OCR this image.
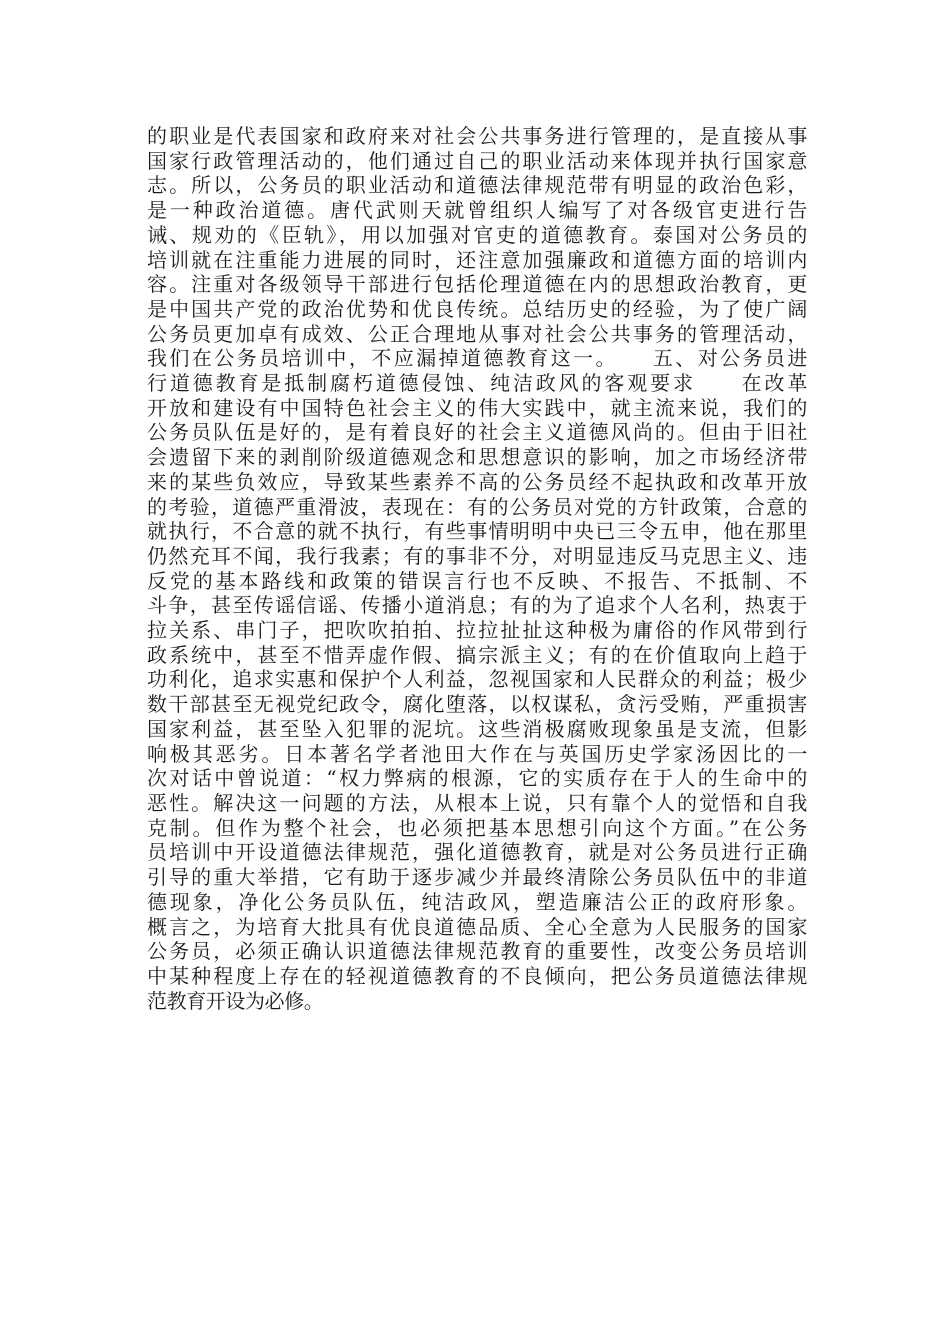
的职业是代表国家和政府来对社会公共事务进行管理的，是直接从事
国家行政管理活动的，他们通过自己的职业活动来体现并执行国家意
志。所以，公务员的职业活动和道德法律规范带有明显的政治色彩，
是一种政治道德。唐代武则天就曾组织人编写了对各级官吏进行告
诫、规劝的《臣轨》，用以加强对官吏的道德教育。泰国对公务员的
培训就在注重能力进展的同时，还注意加强廉政和道德方面的培训内
容。注重对各级领导干部进行包括伦理道德在内的思想政治教育，更
是中国共产党的政治优势和优良传统。总结历史的经验，为了使广阔
公务员更加卓有成效、公正合理地从事对社会公共事务的管理活动，
我们在公务员培训中，不应漏掉道德教育这一。　　五、对公务员进
行道德教育是抵制腐朽道德侵蚀、纯洁政风的客观要求　　在改革
开放和建设有中国特色社会主义的伟大实践中，就主流来说，我们的
公务员队伍是好的，是有着良好的社会主义道德风尚的。但由于旧社
会遗留下来的剥削阶级道德观念和思想意识的影响，加之市场经济带
来的某些负效应，导致某些素养不高的公务员经不起执政和改革开放
的考验，道德严重滑波，表现在：有的公务员对党的方针政策，合意的
就执行，不合意的就不执行，有些事情明明中央已三令五申，他在那里
仍然充耳不闻，我行我素；有的事非不分，对明显违反马克思主义、违
反党的基本路线和政策的错误言行也不反映、不报告、不抵制、不
斗争，甚至传谣信谣、传播小道消息；有的为了追求个人名利，热衷于
拉关系、串门子，把吹吹拍拍、拉拉扯扯这种极为庸俗的作风带到行
政系统中，甚至不惜弄虚作假、搞宗派主义；有的在价值取向上趋于
功利化，追求实惠和保护个人利益，忽视国家和人民群众的利益；极少
数干部甚至无视党纪政令，腐化堕落，以权谋私，贪污受贿，严重损害
国家利益，甚至坠入犯罪的泥坑。这些消极腐败现象虽是支流，但影
响极其恶劣。日本著名学者池田大作在与英国历史学家汤因比的一
次对话中曾说道：“权力弊病的根源，它的实质存在于人的生命中的
恶性。解决这一问题的方法，从根本上说，只有靠个人的觉悟和自我
克制。但作为整个社会，也必须把基本思想引向这个方面。”在公务
员培训中开设道德法律规范，强化道德教育，就是对公务员进行正确
引导的重大举措，它有助于逐步减少并最终清除公务员队伍中的非道
德现象，净化公务员队伍，纯洁政风，塑造廉洁公正的政府形象。
概言之，为培育大批具有优良道德品质、全心全意为人民服务的国家
公务员，必须正确认识道德法律规范教育的重要性，改变公务员培训
中某种程度上存在的轻视道德教育的不良倾向，把公务员道德法律规
范教育开设为必修。
